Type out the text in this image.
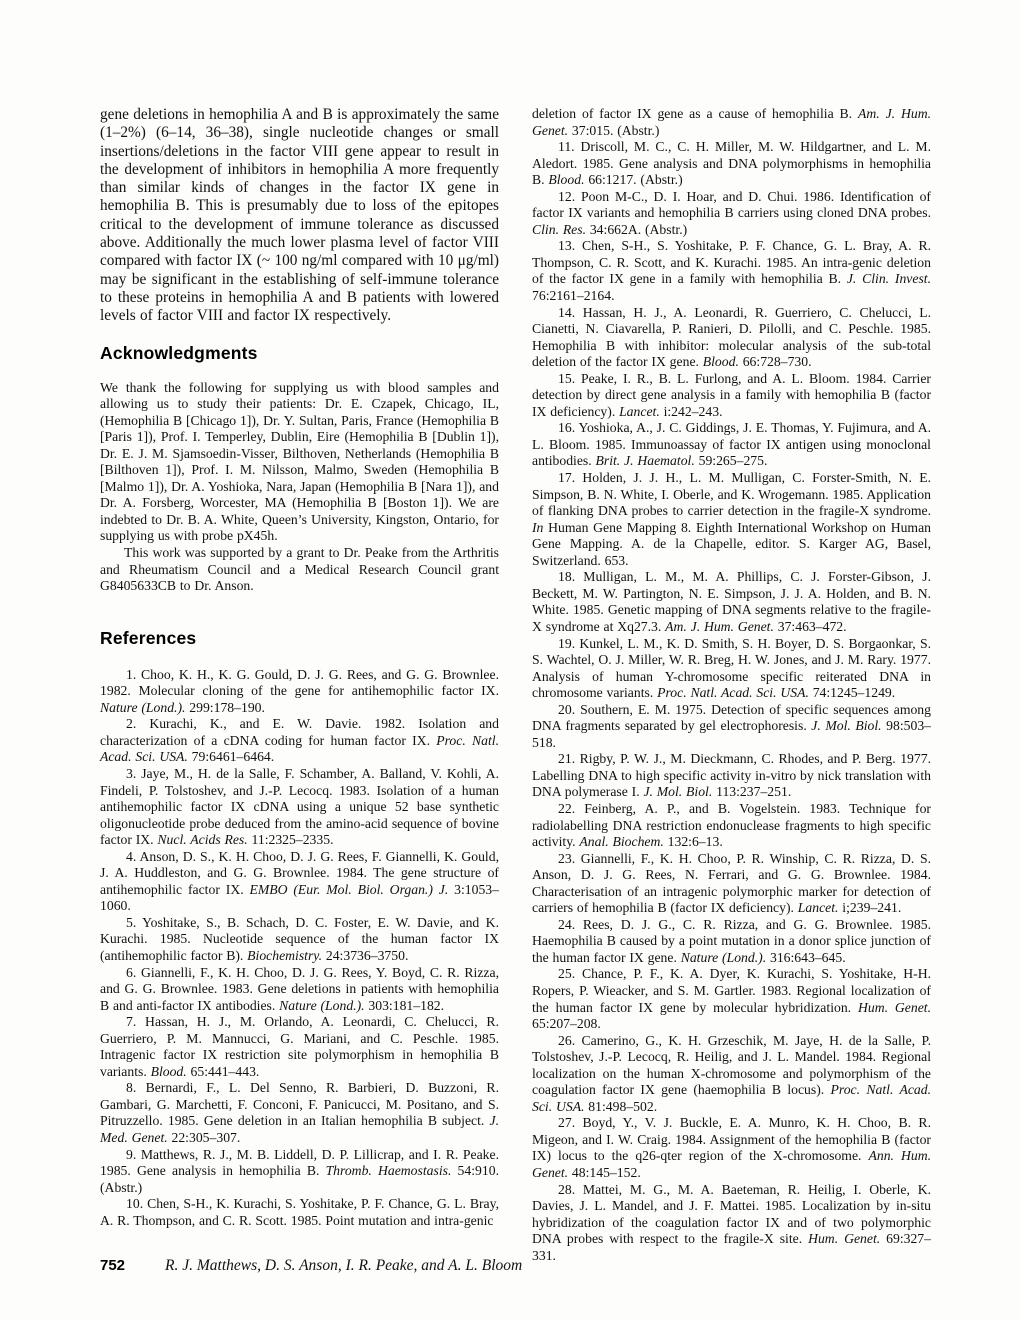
gene deletions in hemophilia A and B is approximately the same (1–2%) (6–14, 36–38), single nucleotide changes or small insertions/deletions in the factor VIII gene appear to result in the development of inhibitors in hemophilia A more frequently than similar kinds of changes in the factor IX gene in hemophilia B. This is presumably due to loss of the epitopes critical to the development of immune tolerance as discussed above. Additionally the much lower plasma level of factor VIII compared with factor IX (~ 100 ng/ml compared with 10 μg/ml) may be significant in the establishing of self-immune tolerance to these proteins in hemophilia A and B patients with lowered levels of factor VIII and factor IX respectively.

Acknowledgments

We thank the following for supplying us with blood samples and allowing us to study their patients: Dr. E. Czapek, Chicago, IL, (Hemophilia B [Chicago 1]), Dr. Y. Sultan, Paris, France (Hemophilia B [Paris 1]), Prof. I. Temperley, Dublin, Eire (Hemophilia B [Dublin 1]), Dr. E. J. M. Sjamsoedin-Visser, Bilthoven, Netherlands (Hemophilia B [Bilthoven 1]), Prof. I. M. Nilsson, Malmo, Sweden (Hemophilia B [Malmo 1]), Dr. A. Yoshioka, Nara, Japan (Hemophilia B [Nara 1]), and Dr. A. Forsberg, Worcester, MA (Hemophilia B [Boston 1]). We are indebted to Dr. B. A. White, Queen’s University, Kingston, Ontario, for supplying us with probe pX45h.

This work was supported by a grant to Dr. Peake from the Arthritis and Rheumatism Council and a Medical Research Council grant G8405633CB to Dr. Anson.

References

1. Choo, K. H., K. G. Gould, D. J. G. Rees, and G. G. Brownlee. 1982. Molecular cloning of the gene for antihemophilic factor IX. Nature (Lond.). 299:178–190.

2. Kurachi, K., and E. W. Davie. 1982. Isolation and characterization of a cDNA coding for human factor IX. Proc. Natl. Acad. Sci. USA. 79:6461–6464.

3. Jaye, M., H. de la Salle, F. Schamber, A. Balland, V. Kohli, A. Findeli, P. Tolstoshev, and J.-P. Lecocq. 1983. Isolation of a human antihemophilic factor IX cDNA using a unique 52 base synthetic oligonucleotide probe deduced from the amino-acid sequence of bovine factor IX. Nucl. Acids Res. 11:2325–2335.

4. Anson, D. S., K. H. Choo, D. J. G. Rees, F. Giannelli, K. Gould, J. A. Huddleston, and G. G. Brownlee. 1984. The gene structure of antihemophilic factor IX. EMBO (Eur. Mol. Biol. Organ.) J. 3:1053–1060.

5. Yoshitake, S., B. Schach, D. C. Foster, E. W. Davie, and K. Kurachi. 1985. Nucleotide sequence of the human factor IX (antihemophilic factor B). Biochemistry. 24:3736–3750.

6. Giannelli, F., K. H. Choo, D. J. G. Rees, Y. Boyd, C. R. Rizza, and G. G. Brownlee. 1983. Gene deletions in patients with hemophilia B and anti-factor IX antibodies. Nature (Lond.). 303:181–182.

7. Hassan, H. J., M. Orlando, A. Leonardi, C. Chelucci, R. Guerriero, P. M. Mannucci, G. Mariani, and C. Peschle. 1985. Intragenic factor IX restriction site polymorphism in hemophilia B variants. Blood. 65:441–443.

8. Bernardi, F., L. Del Senno, R. Barbieri, D. Buzzoni, R. Gambari, G. Marchetti, F. Conconi, F. Panicucci, M. Positano, and S. Pitruzzello. 1985. Gene deletion in an Italian hemophilia B subject. J. Med. Genet. 22:305–307.

9. Matthews, R. J., M. B. Liddell, D. P. Lillicrap, and I. R. Peake. 1985. Gene analysis in hemophilia B. Thromb. Haemostasis. 54:910. (Abstr.)

10. Chen, S-H., K. Kurachi, S. Yoshitake, P. F. Chance, G. L. Bray, A. R. Thompson, and C. R. Scott. 1985. Point mutation and intra-genic

deletion of factor IX gene as a cause of hemophilia B. Am. J. Hum. Genet. 37:015. (Abstr.)

11. Driscoll, M. C., C. H. Miller, M. W. Hildgartner, and L. M. Aledort. 1985. Gene analysis and DNA polymorphisms in hemophilia B. Blood. 66:1217. (Abstr.)

12. Poon M-C., D. I. Hoar, and D. Chui. 1986. Identification of factor IX variants and hemophilia B carriers using cloned DNA probes. Clin. Res. 34:662A. (Abstr.)

13. Chen, S-H., S. Yoshitake, P. F. Chance, G. L. Bray, A. R. Thompson, C. R. Scott, and K. Kurachi. 1985. An intra-genic deletion of the factor IX gene in a family with hemophilia B. J. Clin. Invest. 76:2161–2164.

14. Hassan, H. J., A. Leonardi, R. Guerriero, C. Chelucci, L. Cianetti, N. Ciavarella, P. Ranieri, D. Pilolli, and C. Peschle. 1985. Hemophilia B with inhibitor: molecular analysis of the sub-total deletion of the factor IX gene. Blood. 66:728–730.

15. Peake, I. R., B. L. Furlong, and A. L. Bloom. 1984. Carrier detection by direct gene analysis in a family with hemophilia B (factor IX deficiency). Lancet. i:242–243.

16. Yoshioka, A., J. C. Giddings, J. E. Thomas, Y. Fujimura, and A. L. Bloom. 1985. Immunoassay of factor IX antigen using monoclonal antibodies. Brit. J. Haematol. 59:265–275.

17. Holden, J. J. H., L. M. Mulligan, C. Forster-Smith, N. E. Simpson, B. N. White, I. Oberle, and K. Wrogemann. 1985. Application of flanking DNA probes to carrier detection in the fragile-X syndrome. In Human Gene Mapping 8. Eighth International Workshop on Human Gene Mapping. A. de la Chapelle, editor. S. Karger AG, Basel, Switzerland. 653.

18. Mulligan, L. M., M. A. Phillips, C. J. Forster-Gibson, J. Beckett, M. W. Partington, N. E. Simpson, J. J. A. Holden, and B. N. White. 1985. Genetic mapping of DNA segments relative to the fragile-X syndrome at Xq27.3. Am. J. Hum. Genet. 37:463–472.

19. Kunkel, L. M., K. D. Smith, S. H. Boyer, D. S. Borgaonkar, S. S. Wachtel, O. J. Miller, W. R. Breg, H. W. Jones, and J. M. Rary. 1977. Analysis of human Y-chromosome specific reiterated DNA in chromosome variants. Proc. Natl. Acad. Sci. USA. 74:1245–1249.

20. Southern, E. M. 1975. Detection of specific sequences among DNA fragments separated by gel electrophoresis. J. Mol. Biol. 98:503–518.

21. Rigby, P. W. J., M. Dieckmann, C. Rhodes, and P. Berg. 1977. Labelling DNA to high specific activity in-vitro by nick translation with DNA polymerase I. J. Mol. Biol. 113:237–251.

22. Feinberg, A. P., and B. Vogelstein. 1983. Technique for radiolabelling DNA restriction endonuclease fragments to high specific activity. Anal. Biochem. 132:6–13.

23. Giannelli, F., K. H. Choo, P. R. Winship, C. R. Rizza, D. S. Anson, D. J. G. Rees, N. Ferrari, and G. G. Brownlee. 1984. Characterisation of an intragenic polymorphic marker for detection of carriers of hemophilia B (factor IX deficiency). Lancet. i;239–241.

24. Rees, D. J. G., C. R. Rizza, and G. G. Brownlee. 1985. Haemophilia B caused by a point mutation in a donor splice junction of the human factor IX gene. Nature (Lond.). 316:643–645.

25. Chance, P. F., K. A. Dyer, K. Kurachi, S. Yoshitake, H-H. Ropers, P. Wieacker, and S. M. Gartler. 1983. Regional localization of the human factor IX gene by molecular hybridization. Hum. Genet. 65:207–208.

26. Camerino, G., K. H. Grzeschik, M. Jaye, H. de la Salle, P. Tolstoshev, J.-P. Lecocq, R. Heilig, and J. L. Mandel. 1984. Regional localization on the human X-chromosome and polymorphism of the coagulation factor IX gene (haemophilia B locus). Proc. Natl. Acad. Sci. USA. 81:498–502.

27. Boyd, Y., V. J. Buckle, E. A. Munro, K. H. Choo, B. R. Migeon, and I. W. Craig. 1984. Assignment of the hemophilia B (factor IX) locus to the q26-qter region of the X-chromosome. Ann. Hum. Genet. 48:145–152.

28. Mattei, M. G., M. A. Baeteman, R. Heilig, I. Oberle, K. Davies, J. L. Mandel, and J. F. Mattei. 1985. Localization by in-situ hybridization of the coagulation factor IX and of two polymorphic DNA probes with respect to the fragile-X site. Hum. Genet. 69:327–331.

752	R. J. Matthews, D. S. Anson, I. R. Peake, and A. L. Bloom
